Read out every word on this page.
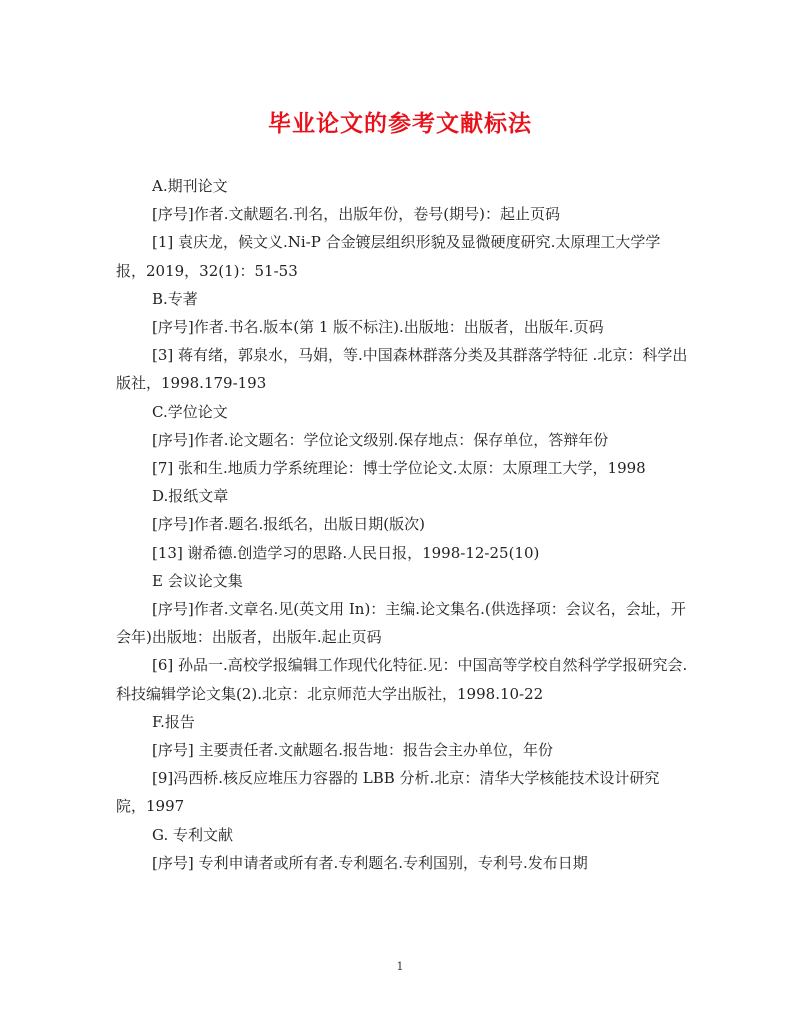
毕业论文的参考文献标法

A.期刊论文

[序号]作者.文献题名.刊名，出版年份，卷号(期号)：起止页码

[1] 袁庆龙，候文义.Ni-P 合金镀层组织形貌及显微硬度研究.太原理工大学学报，2019，32(1)：51-53

B.专著

[序号]作者.书名.版本(第 1 版不标注).出版地：出版者，出版年.页码

[3] 蒋有绪，郭泉水，马娟，等.中国森林群落分类及其群落学特征 .北京：科学出版社，1998.179-193

C.学位论文

[序号]作者.论文题名：学位论文级别.保存地点：保存单位，答辩年份

[7] 张和生.地质力学系统理论：博士学位论文.太原：太原理工大学，1998

D.报纸文章

[序号]作者.题名.报纸名，出版日期(版次)

[13] 谢希德.创造学习的思路.人民日报，1998-12-25(10)

E 会议论文集

[序号]作者.文章名.见(英文用 In)：主编.论文集名.(供选择项：会议名，会址，开会年)出版地：出版者，出版年.起止页码

[6] 孙品一.高校学报编辑工作现代化特征.见：中国高等学校自然科学学报研究会.科技编辑学论文集(2).北京：北京师范大学出版社，1998.10-22

F.报告

[序号] 主要责任者.文献题名.报告地：报告会主办单位，年份

[9]冯西桥.核反应堆压力容器的 LBB 分析.北京：清华大学核能技术设计研究院，1997

G. 专利文献

[序号] 专利申请者或所有者.专利题名.专利国别，专利号.发布日期

1
